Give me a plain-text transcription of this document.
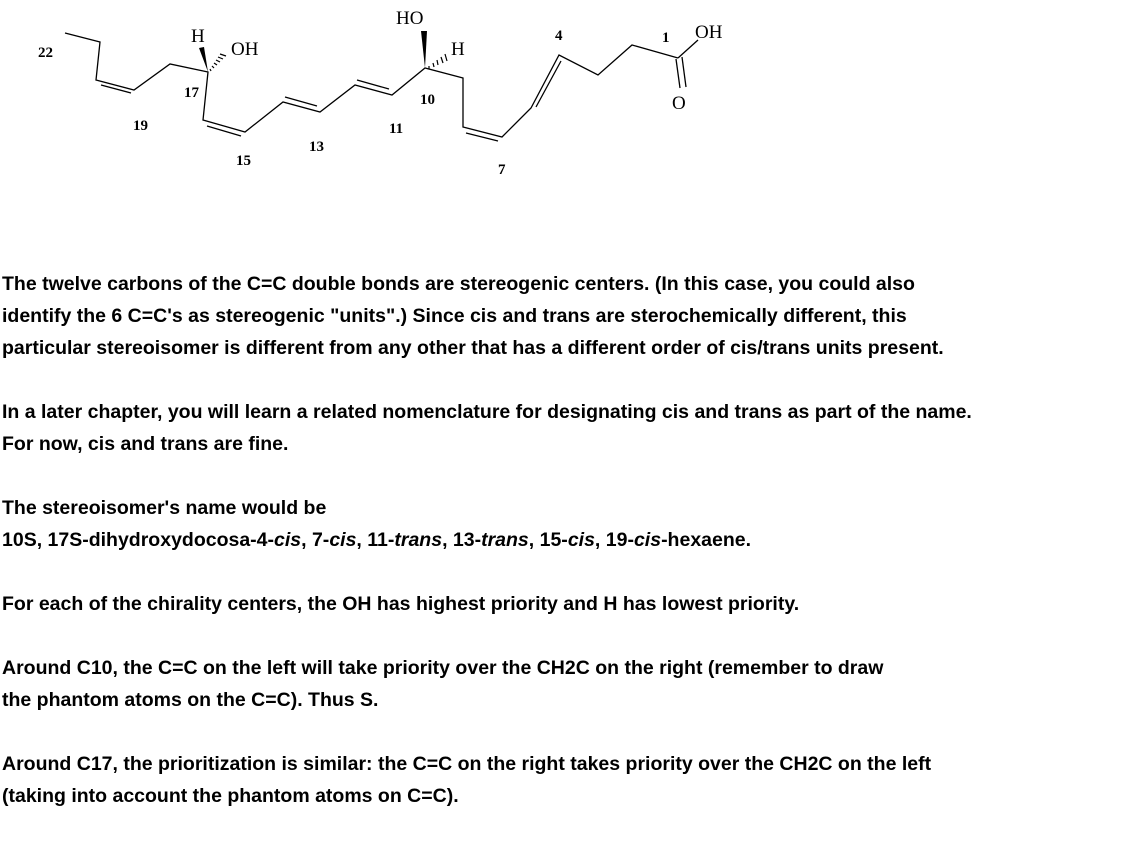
H
OH
HO
H
OH
O
22
19
17
15
13
11
10
7
4	1

The twelve carbons of the C=C double bonds are stereogenic centers. (In this case, you could also

identify the 6 C=C's as stereogenic "units".) Since cis and trans are sterochemically different, this

particular stereoisomer is different from any other that has a different order of cis/trans units present.

In a later chapter, you will learn a related nomenclature for designating cis and trans as part of the name.

For now, cis and trans are fine.

The stereoisomer's name would be

10S, 17S-dihydroxydocosa-4-cis, 7-cis, 11-trans, 13-trans, 15-cis, 19-cis-hexaene.

For each of the chirality centers, the OH has highest priority and H has lowest priority.

Around C10, the C=C on the left will take priority over the CH2C on the right (remember to draw

the phantom atoms on the C=C). Thus S.

Around C17, the prioritization is similar: the C=C on the right takes priority over the CH2C on the left

(taking into account the phantom atoms on C=C).
